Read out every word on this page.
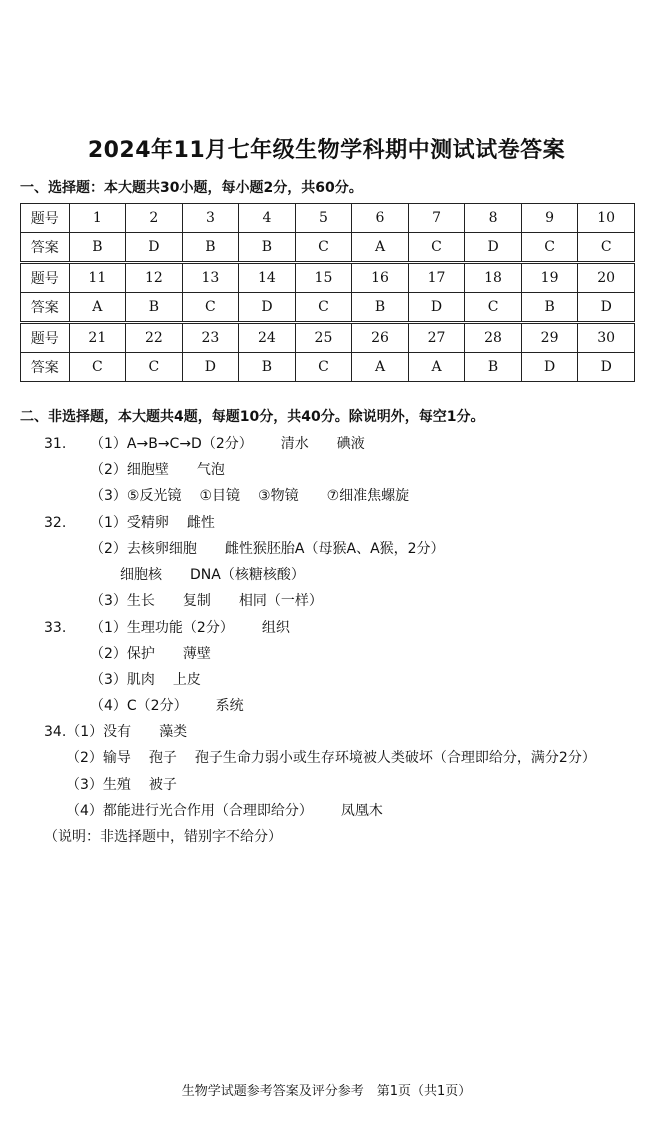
2024年11月七年级生物学科期中测试试卷答案
一、选择题：本大题共30小题，每小题2分，共60分。
题号	1	2	3	4	5	6	7	8	9	10
答案	B	D	B	B	C	A	C	D	C	C
题号	11	12	13	14	15	16	17	18	19	20
答案	A	B	C	D	C	B	D	C	B	D
题号	21	22	23	24	25	26	27	28	29	30
答案	C	C	D	B	C	A	A	B	D	D
二、非选择题，本大题共4题，每题10分，共40分。除说明外，每空1分。
31. （1）A→B→C→D（2分） 清水 碘液
（2）细胞壁 气泡
（3）⑤反光镜 ①目镜 ③物镜 ⑦细准焦螺旋
32. （1）受精卵 雌性
（2）去核卵细胞 雌性猴胚胎A（母猴A、A猴，2分）
细胞核 DNA（核糖核酸）
（3）生长 复制 相同（一样）
33. （1）生理功能（2分） 组织
（2）保护 薄壁
（3）肌肉 上皮
（4）C（2分） 系统
34.（1）没有 藻类
（2）输导 孢子 孢子生命力弱小或生存环境被人类破坏（合理即给分，满分2分）
（3）生殖 被子
（4）都能进行光合作用（合理即给分） 凤凰木
（说明：非选择题中，错别字不给分）
生物学试题参考答案及评分参考　第1页（共1页）
